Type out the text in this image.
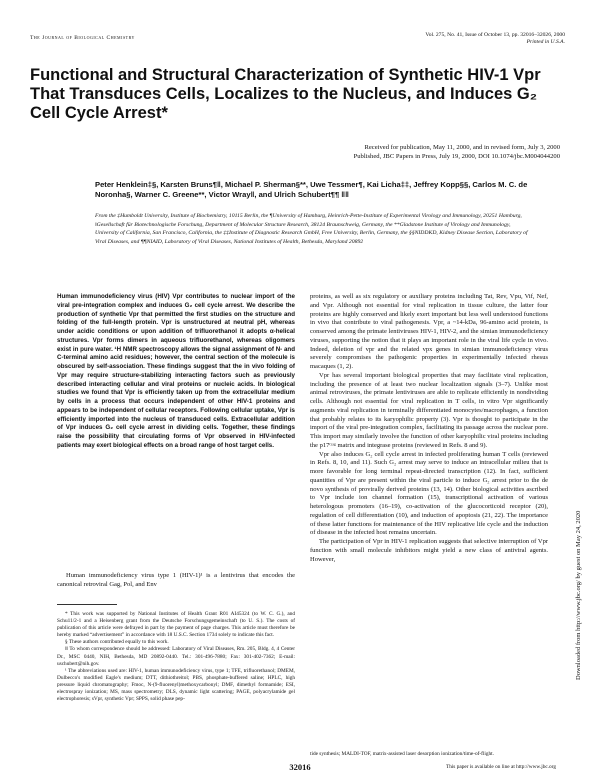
The Journal of Biological Chemistry	Vol. 275, No. 41, Issue of October 13, pp. 32016–32026, 2000
Printed in U.S.A.
Functional and Structural Characterization of Synthetic HIV-1 Vpr That Transduces Cells, Localizes to the Nucleus, and Induces G₂ Cell Cycle Arrest*
Received for publication, May 11, 2000, and in revised form, July 3, 2000
Published, JBC Papers in Press, July 19, 2000, DOI 10.1074/jbc.M004044200
Peter Henklein‡§, Karsten Bruns¶‖, Michael P. Sherman§**, Uwe Tessmer¶, Kai Licha‡‡, Jeffrey Kopp§§, Carlos M. C. de Noronha§, Warner C. Greene**, Victor Wray‖, and Ulrich Schubert¶¶ ‖‖
From the ‡Humboldt University, Institute of Biochemistry, 10115 Berlin, the ¶University of Hamburg, Heinrich-Pette-Institute of Experimental Virology and Immunology, 20251 Hamburg, ‖Gesellschaft für Biotechnologische Forschung, Department of Molecular Structure Research, 38124 Braunschweig, Germany, the **Gladstone Institute of Virology and Immunology, University of California, San Francisco, California, the ‡‡Institute of Diagnostic Research GmbH, Free University, Berlin, Germany, the §§NIDDKD, Kidney Disease Section, Laboratory of Viral Diseases, and ¶¶NIAID, Laboratory of Viral Diseases, National Institutes of Health, Bethesda, Maryland 20892
Human immunodeficiency virus (HIV) Vpr contributes to nuclear import of the viral pre-integration complex and induces G₂ cell cycle arrest. We describe the production of synthetic Vpr that permitted the first studies on the structure and folding of the full-length protein. Vpr is unstructured at neutral pH, whereas under acidic conditions or upon addition of trifluorethanol it adopts α-helical structures. Vpr forms dimers in aqueous trifluorethanol, whereas oligomers exist in pure water. ¹H NMR spectroscopy allows the signal assignment of N- and C-terminal amino acid residues; however, the central section of the molecule is obscured by self-association. These findings suggest that the in vivo folding of Vpr may require structure-stabilizing interacting factors such as previously described interacting cellular and viral proteins or nucleic acids. In biological studies we found that Vpr is efficiently taken up from the extracellular medium by cells in a process that occurs independent of other HIV-1 proteins and appears to be independent of cellular receptors. Following cellular uptake, Vpr is efficiently imported into the nucleus of transduced cells. Extracellular addition of Vpr induces G₂ cell cycle arrest in dividing cells. Together, these findings raise the possibility that circulating forms of Vpr observed in HIV-infected patients may exert biological effects on a broad range of host target cells.
Human immunodeficiency virus type 1 (HIV-1)¹ is a lentivirus that encodes the canonical retroviral Gag, Pol, and Env

* This work was supported by National Institutes of Health Grant R01 AI45324 (to W. C. G.), and Schu11/2-1 and a Heisenberg grant from the Deutsche Forschungsgemeinschaft (to U. S.). The costs of publication of this article were defrayed in part by the payment of page charges. This article must therefore be hereby marked “advertisement” in accordance with 18 U.S.C. Section 1734 solely to indicate this fact.

§ These authors contributed equally to this work.

‖‖ To whom correspondence should be addressed: Laboratory of Viral Diseases, Rm. 205, Bldg. 4, 4 Center Dr., MSC 0440, NIH, Bethesda, MD 20892-0440. Tel.: 301-496-7880; Fax: 301-402-7362; E-mail: uschubert@nih.gov.

¹ The abbreviations used are: HIV-1, human immunodeficiency virus, type 1; TFE, trifluorethanol; DMEM, Dulbecco's modified Eagle's medium; DTT, dithiothreitol; PBS, phosphate-buffered saline; HPLC, high pressure liquid chromatography; Fmoc, N-(9-fluorenyl)methoxycarbonyl; DMF, dimethyl formamide; ESI, electrospray ionization; MS, mass spectrometry; DLS, dynamic light scattering; PAGE, polyacrylamide gel electrophoresis; sVpr, synthetic Vpr; SPPS, solid phase pep-

proteins, as well as six regulatory or auxiliary proteins including Tat, Rev, Vpu, Vif, Nef, and Vpr. Although not essential for viral replication in tissue culture, the latter four proteins are highly conserved and likely exert important but less well understood functions in vivo that contribute to viral pathogenesis. Vpr, a ~14-kDa, 96-amino acid protein, is conserved among the primate lentiviruses HIV-1, HIV-2, and the simian immunodeficiency viruses, supporting the notion that it plays an important role in the viral life cycle in vivo. Indeed, deletion of vpr and the related vpx genes in simian immunodeficiency virus severely compromises the pathogenic properties in experimentally infected rhesus macaques (1, 2).

Vpr has several important biological properties that may facilitate viral replication, including the presence of at least two nuclear localization signals (3–7). Unlike most animal retroviruses, the primate lentiviruses are able to replicate efficiently in nondividing cells. Although not essential for viral replication in T cells, in vitro Vpr significantly augments viral replication in terminally differentiated monocytes/macrophages, a function that probably relates to its karyophilic property (3). Vpr is thought to participate in the import of the viral pre-integration complex, facilitating its passage across the nuclear pore. This import may similarly involve the function of other karyophilic viral proteins including the p17ᴳᵃᵍ matrix and integrase proteins (reviewed in Refs. 8 and 9).

Vpr also induces G₂ cell cycle arrest in infected proliferating human T cells (reviewed in Refs. 8, 10, and 11). Such G₂ arrest may serve to induce an intracellular milieu that is more favorable for long terminal repeat-directed transcription (12). In fact, sufficient quantities of Vpr are present within the viral particle to induce G₂ arrest prior to the de novo synthesis of provirally derived proteins (13, 14). Other biological activities ascribed to Vpr include ion channel formation (15), transcriptional activation of various heterologous promoters (16–19), co-activation of the glucocorticoid receptor (20), regulation of cell differentiation (10), and induction of apoptosis (21, 22). The importance of these latter functions for maintenance of the HIV replicative life cycle and the induction of disease in the infected host remains uncertain.

The participation of Vpr in HIV-1 replication suggests that selective interruption of Vpr function with small molecule inhibitors might yield a new class of antiviral agents. However,

tide synthesis; MALDI-TOF, matrix-assisted laser desorption ionization/time-of-flight.
32016	This paper is available on line at http://www.jbc.org
Downloaded from http://www.jbc.org/ by guest on May 24, 2020
